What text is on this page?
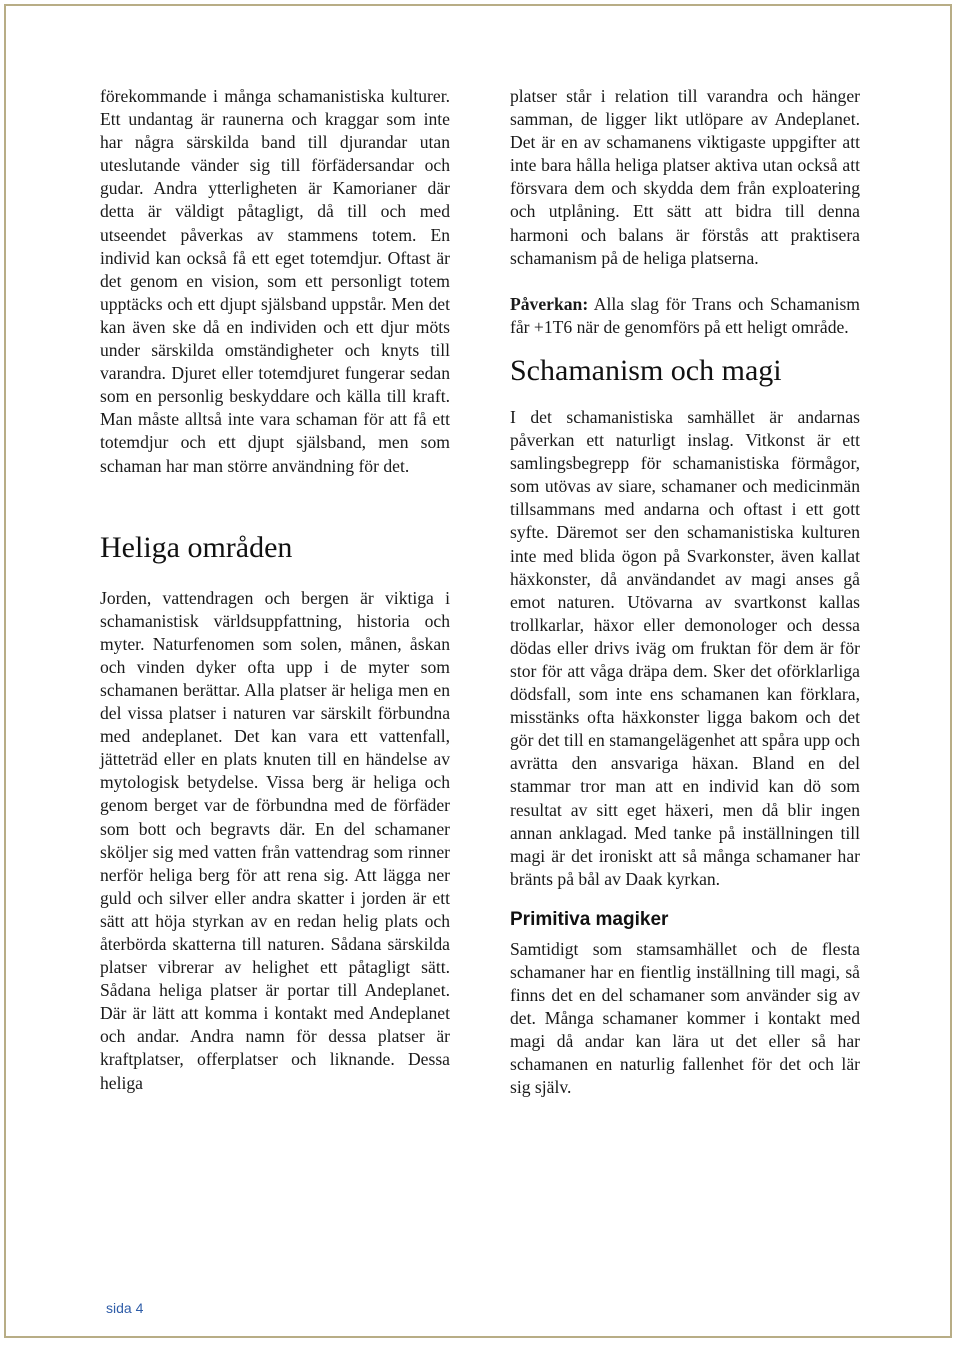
förekommande i många schamanistiska kulturer. Ett undantag är raunerna och kraggar som inte har några särskilda band till djurandar utan uteslutande vänder sig till förfädersandar och gudar. Andra ytterligheten är Kamorianer där detta är väldigt påtagligt, då till och med utseendet påverkas av stammens totem. En individ kan också få ett eget totemdjur. Oftast är det genom en vision, som ett personligt totem upptäcks och ett djupt själsband uppstår. Men det kan även ske då en individen och ett djur möts under särskilda omständigheter och knyts till varandra. Djuret eller totemdjuret fungerar sedan som en personlig beskyddare och källa till kraft. Man måste alltså inte vara schaman för att få ett totemdjur och ett djupt själsband, men som schaman har man större användning för det.

Heliga områden

Jorden, vattendragen och bergen är viktiga i schamanistisk världsuppfattning, historia och myter. Naturfenomen som solen, månen, åskan och vinden dyker ofta upp i de myter som schamanen berättar. Alla platser är heliga men en del vissa platser i naturen var särskilt förbundna med andeplanet. Det kan vara ett vattenfall, jätteträd eller en plats knuten till en händelse av mytologisk betydelse. Vissa berg är heliga och genom berget var de förbundna med de förfäder som bott och begravts där. En del schamaner sköljer sig med vatten från vattendrag som rinner nerför heliga berg för att rena sig. Att lägga ner guld och silver eller andra skatter i jorden är ett sätt att höja styrkan av en redan helig plats och återbörda skatterna till naturen. Sådana särskilda platser vibrerar av helighet ett påtagligt sätt. Sådana heliga platser är portar till Andeplanet. Där är lätt att komma i kontakt med Andeplanet och andar. Andra namn för dessa platser är kraftplatser, offerplatser och liknande. Dessa heliga

platser står i relation till varandra och hänger samman, de ligger likt utlöpare av Andeplanet. Det är en av schamanens viktigaste uppgifter att inte bara hålla heliga platser aktiva utan också att försvara dem och skydda dem från exploatering och utplåning. Ett sätt att bidra till denna harmoni och balans är förstås att praktisera schamanism på de heliga platserna.

Påverkan: Alla slag för Trans och Schamanism får +1T6 när de genomförs på ett heligt område.

Schamanism och magi

I det schamanistiska samhället är andarnas påverkan ett naturligt inslag. Vitkonst är ett samlingsbegrepp för schamanistiska förmågor, som utövas av siare, schamaner och medicinmän tillsammans med andarna och oftast i ett gott syfte. Däremot ser den schamanistiska kulturen inte med blida ögon på Svarkonster, även kallat häxkonster, då användandet av magi anses gå emot naturen. Utövarna av svartkonst kallas trollkarlar, häxor eller demonologer och dessa dödas eller drivs iväg om fruktan för dem är för stor för att våga dräpa dem. Sker det oförklarliga dödsfall, som inte ens schamanen kan förklara, misstänks ofta häxkonster ligga bakom och det gör det till en stamangelägenhet att spåra upp och avrätta den ansvariga häxan. Bland en del stammar tror man att en individ kan dö som resultat av sitt eget häxeri, men då blir ingen annan anklagad. Med tanke på inställningen till magi är det ironiskt att så många schamaner har bränts på bål av Daak kyrkan.

Primitiva magiker

Samtidigt som stamsamhället och de flesta schamaner har en fientlig inställning till magi, så finns det en del schamaner som använder sig av det. Många schamaner kommer i kontakt med magi då andar kan lära ut det eller så har schamanen en naturlig fallenhet för det och lär sig själv.

sida 4
